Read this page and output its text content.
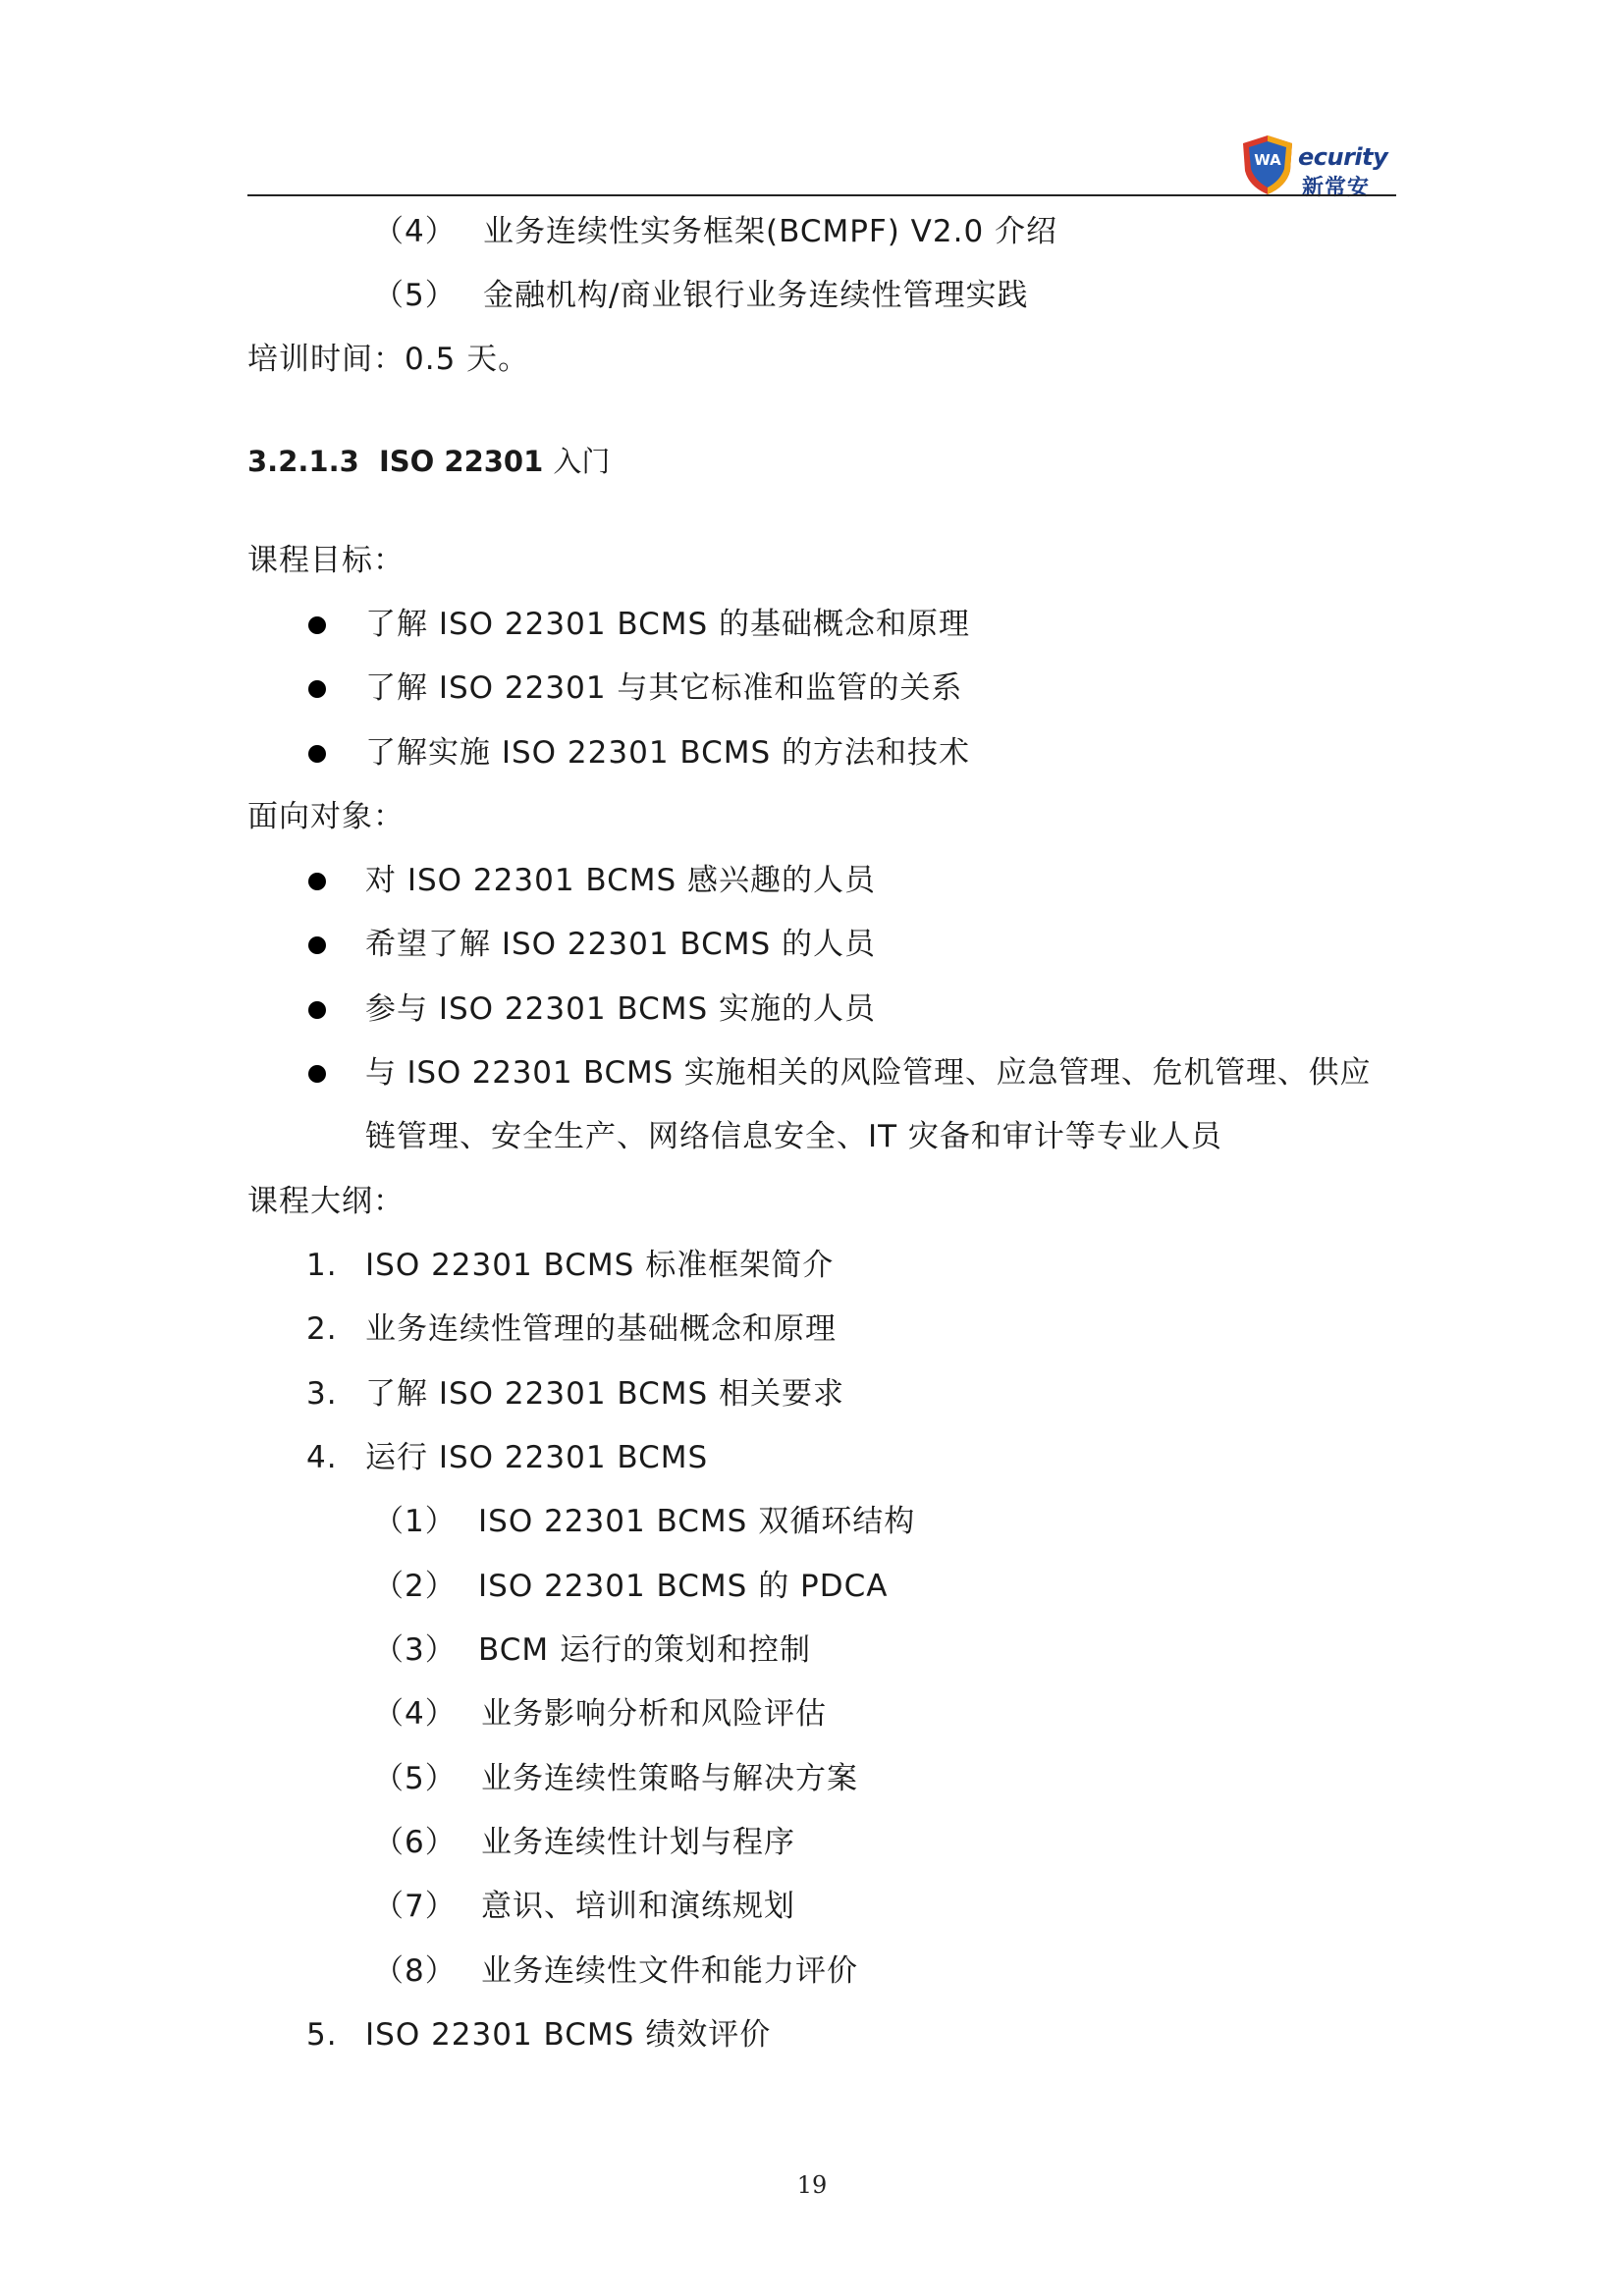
WA ecurity
新常安
（4） 业务连续性实务框架(BCMPF) V2.0 介绍
（5） 金融机构/商业银行业务连续性管理实践
培训时间：0.5 天。
3.2.1.3 ISO 22301 入门
课程目标：
了解 ISO 22301 BCMS 的基础概念和原理
了解 ISO 22301 与其它标准和监管的关系
了解实施 ISO 22301 BCMS 的方法和技术
面向对象：
对 ISO 22301 BCMS 感兴趣的人员
希望了解 ISO 22301 BCMS 的人员
参与 ISO 22301 BCMS 实施的人员
与 ISO 22301 BCMS 实施相关的风险管理、应急管理、危机管理、供应
链管理、安全生产、网络信息安全、IT 灾备和审计等专业人员
课程大纲：
1. ISO 22301 BCMS 标准框架简介
2. 业务连续性管理的基础概念和原理
3. 了解 ISO 22301 BCMS 相关要求
4. 运行 ISO 22301 BCMS
（1） ISO 22301 BCMS 双循环结构
（2） ISO 22301 BCMS 的 PDCA
（3） BCM 运行的策划和控制
（4） 业务影响分析和风险评估
（5） 业务连续性策略与解决方案
（6） 业务连续性计划与程序
（7） 意识、培训和演练规划
（8） 业务连续性文件和能力评价
5. ISO 22301 BCMS 绩效评价
19
